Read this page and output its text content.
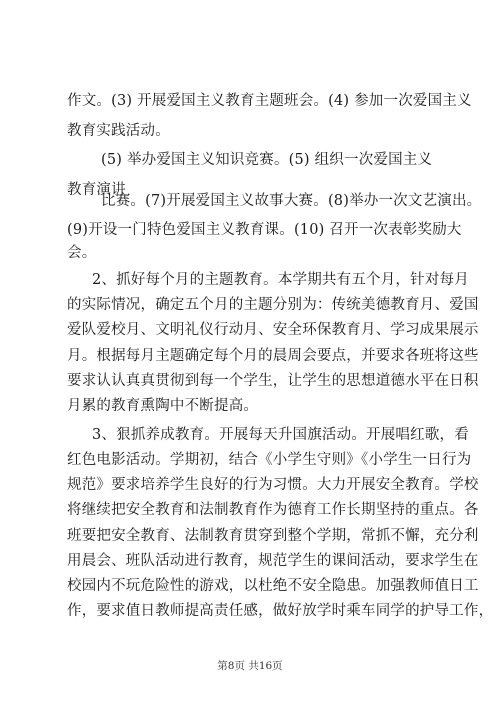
作文。(3) 开展爱国主义教育主题班会。(4) 参加一次爱国主义
教育实践活动。
(5) 举办爱国主义知识竞赛。(5) 组织一次爱国主义
教育演讲
比赛。(7)开展爱国主义故事大赛。(8)举办一次文艺演出。
(9)开设一门特色爱国主义教育课。(10) 召开一次表彰奖励大
会。
2、抓好每个月的主题教育。本学期共有五个月，针对每月
的实际情况，确定五个月的主题分别为：传统美德教育月、爱国
爱队爱校月、文明礼仪行动月、安全环保教育月、学习成果展示
月。根据每月主题确定每个月的晨周会要点，并要求各班将这些
要求认认真真贯彻到每一个学生，让学生的思想道德水平在日积
月累的教育熏陶中不断提高。
3、狠抓养成教育。开展每天升国旗活动。开展唱红歌，看
红色电影活动。学期初，结合《小学生守则》《小学生一日行为
规范》要求培养学生良好的行为习惯。大力开展安全教育。学校
将继续把安全教育和法制教育作为德育工作长期坚持的重点。各
班要把安全教育、法制教育贯穿到整个学期，常抓不懈，充分利
用晨会、班队活动进行教育，规范学生的课间活动，要求学生在
校园内不玩危险性的游戏，以杜绝不安全隐患。加强教师值日工
作，要求值日教师提高责任感，做好放学时乘车同学的护导工作，
第8页 共16页
